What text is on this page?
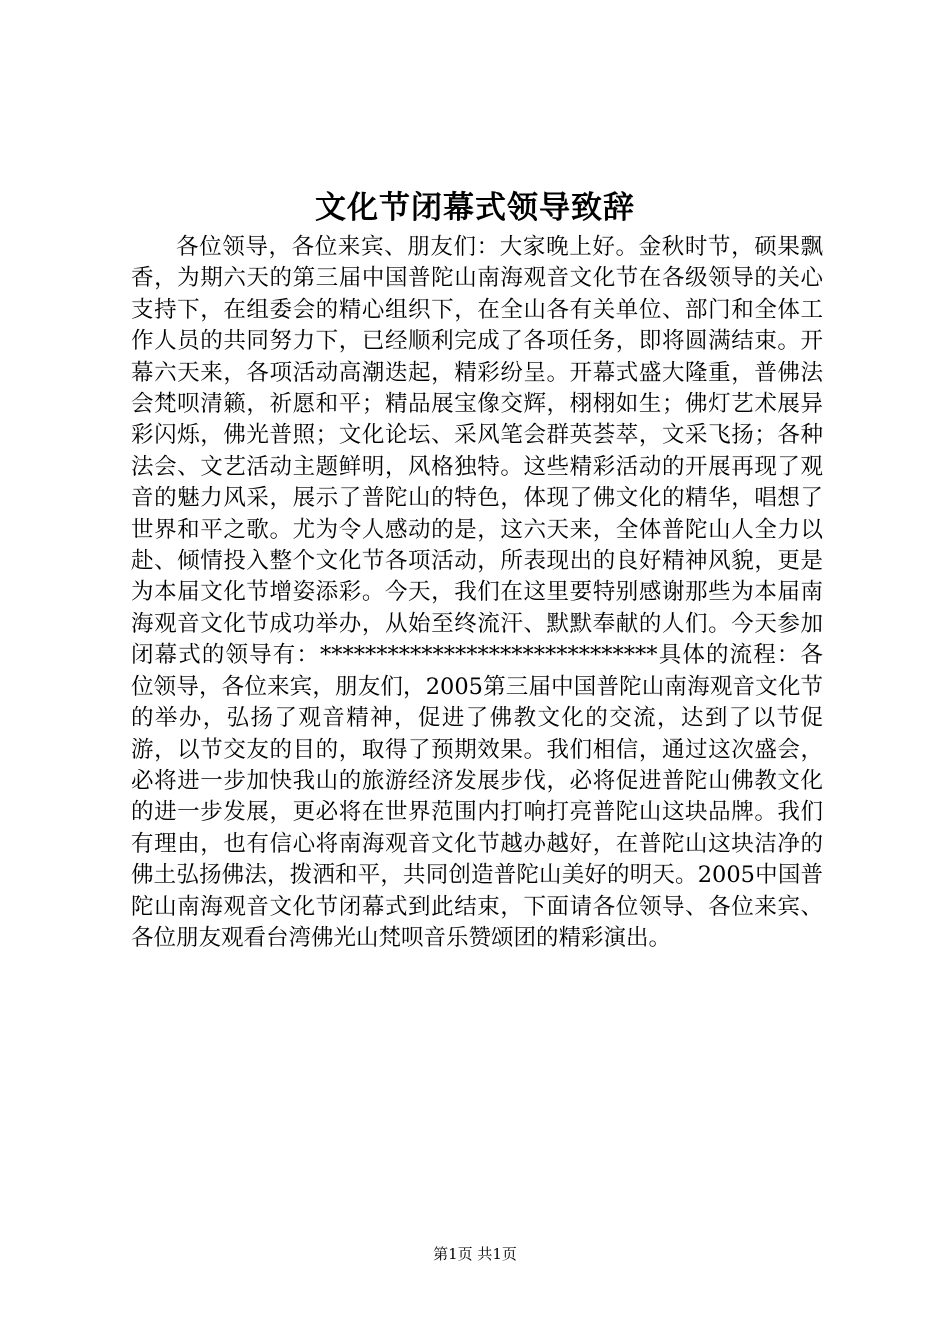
文化节闭幕式领导致辞

各位领导，各位来宾、朋友们：大家晚上好。金秋时节，硕果飘香，为期六天的第三届中国普陀山南海观音文化节在各级领导的关心支持下，在组委会的精心组织下，在全山各有关单位、部门和全体工作人员的共同努力下，已经顺利完成了各项任务，即将圆满结束。开幕六天来，各项活动高潮迭起，精彩纷呈。开幕式盛大隆重，普佛法会梵呗清籁，祈愿和平；精品展宝像交辉，栩栩如生；佛灯艺术展异彩闪烁，佛光普照；文化论坛、采风笔会群英荟萃，文采飞扬；各种法会、文艺活动主题鲜明，风格独特。这些精彩活动的开展再现了观音的魅力风采，展示了普陀山的特色，体现了佛文化的精华，唱想了世界和平之歌。尤为令人感动的是，这六天来，全体普陀山人全力以赴、倾情投入整个文化节各项活动，所表现出的良好精神风貌，更是为本届文化节增姿添彩。今天，我们在这里要特别感谢那些为本届南海观音文化节成功举办，从始至终流汗、默默奉献的人们。今天参加闭幕式的领导有：******************************具体的流程：各位领导，各位来宾，朋友们，2005第三届中国普陀山南海观音文化节的举办，弘扬了观音精神，促进了佛教文化的交流，达到了以节促游，以节交友的目的，取得了预期效果。我们相信，通过这次盛会，必将进一步加快我山的旅游经济发展步伐，必将促进普陀山佛教文化的进一步发展，更必将在世界范围内打响打亮普陀山这块品牌。我们有理由，也有信心将南海观音文化节越办越好，在普陀山这块洁净的佛土弘扬佛法，拨洒和平，共同创造普陀山美好的明天。2005中国普陀山南海观音文化节闭幕式到此结束，下面请各位领导、各位来宾、各位朋友观看台湾佛光山梵呗音乐赞颂团的精彩演出。

第1页 共1页
